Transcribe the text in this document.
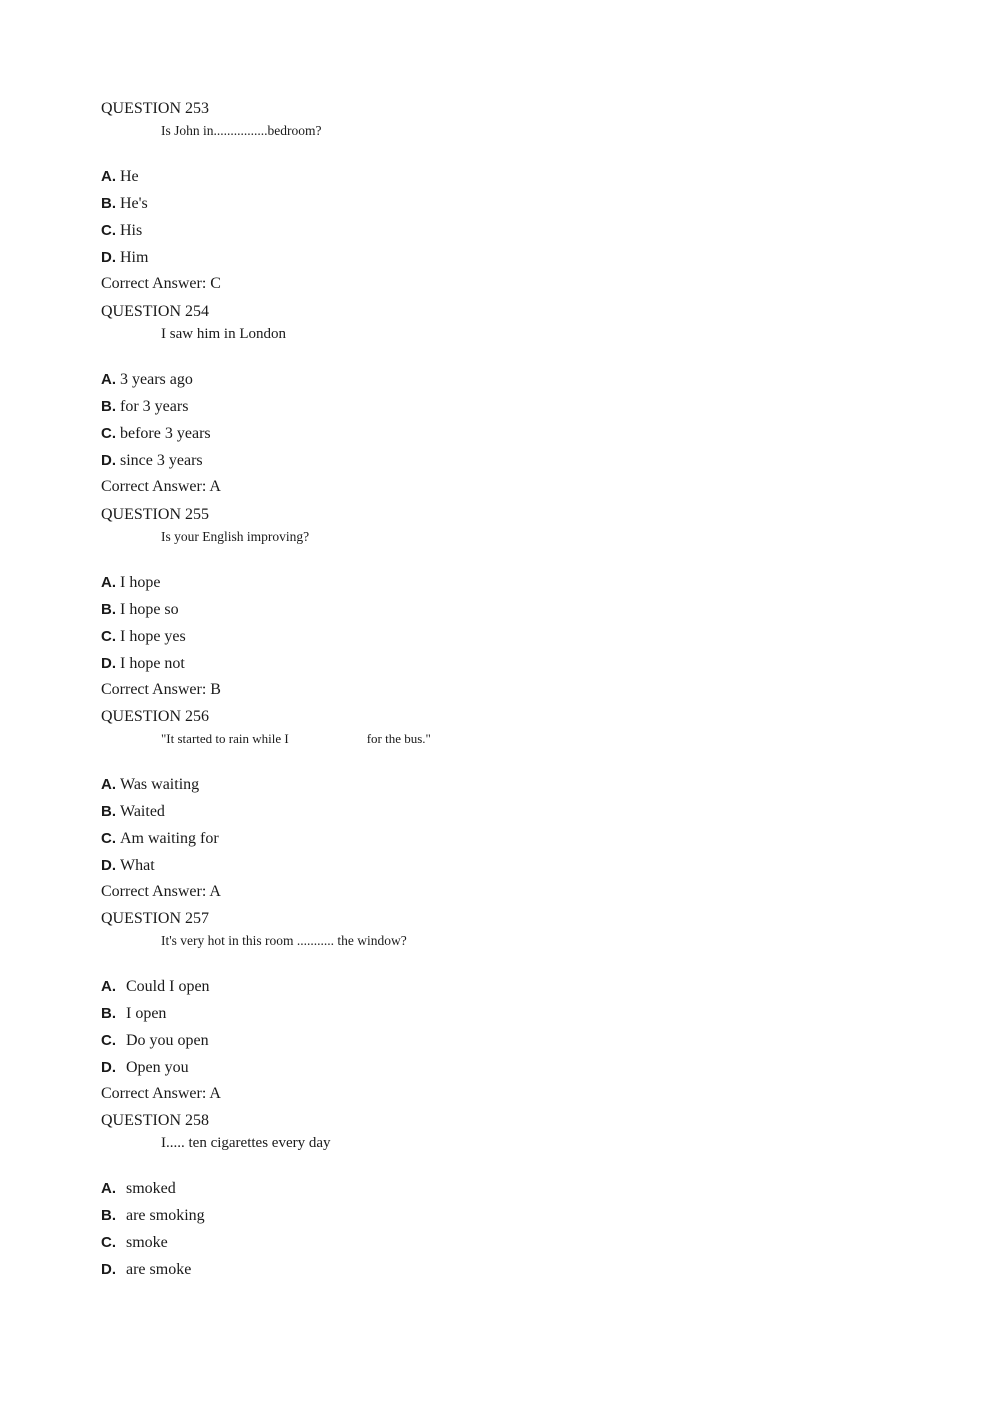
QUESTION 253
Is John in................bedroom?
A. He
B. He's
C. His
D. Him
Correct Answer: C
QUESTION 254
I saw him in London
A. 3 years ago
B. for 3 years
C. before 3 years
D. since 3 years
Correct Answer: A
QUESTION 255
Is your English improving?
A. I hope
B. I hope so
C. I hope yes
D. I hope not
Correct Answer: B
QUESTION 256
"It started to rain while I	for the bus."
A. Was waiting
B. Waited
C. Am waiting for
D. What
Correct Answer: A
QUESTION 257
It's very hot in this room ........... the window?
A. Could I open
B. I open
C. Do you open
D. Open you
Correct Answer: A
QUESTION 258
I..... ten cigarettes every day
A. smoked
B. are smoking
C. smoke
D. are smoke
